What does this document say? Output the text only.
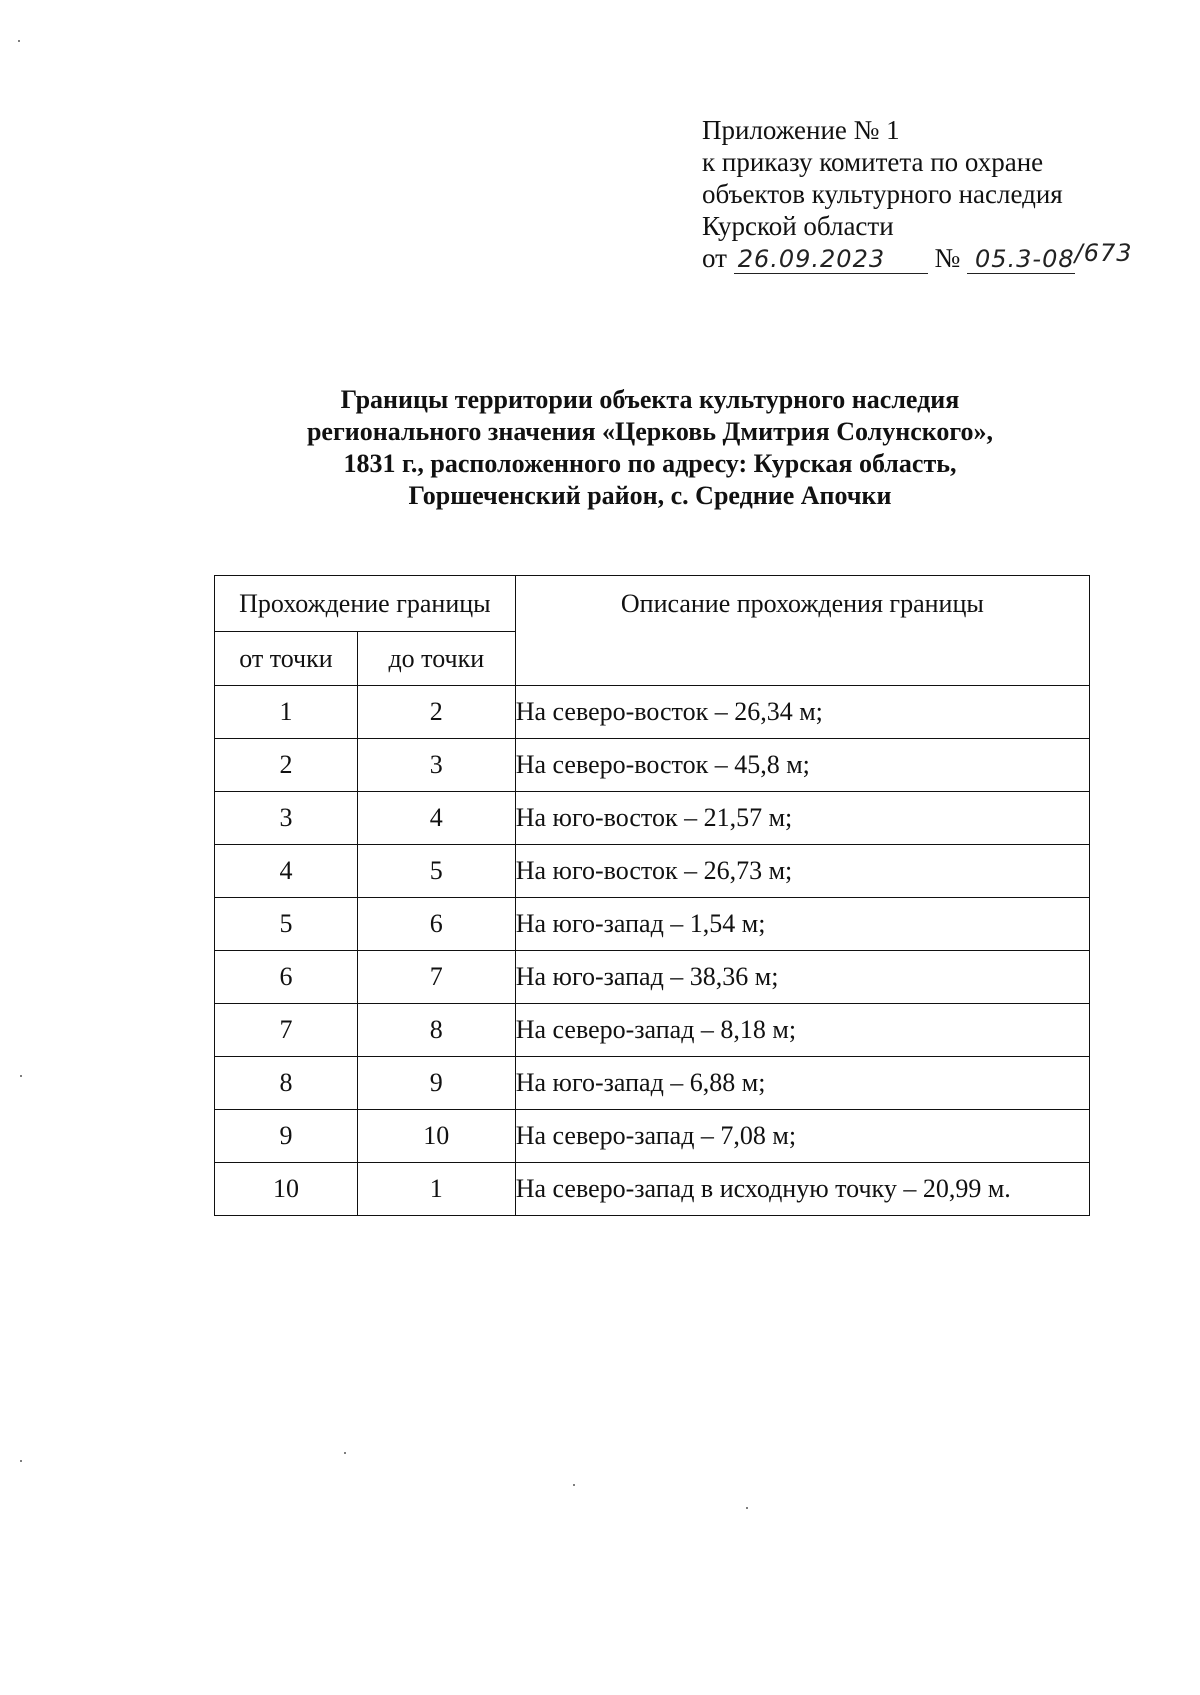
Приложение № 1
к приказу комитета по охране
объектов культурного наследия
Курской области
от 26.09.2023 № 05.3-08/673
Границы территории объекта культурного наследия
регионального значения «Церковь Дмитрия Солунского»,
1831 г., расположенного по адресу: Курская область,
Горшеченский район, с. Средние Апочки
Прохождение границы		Описание прохождения границы
от точки	до точки	
1	2	На северо-восток – 26,34 м;
2	3	На северо-восток – 45,8 м;
3	4	На юго-восток – 21,57 м;
4	5	На юго-восток – 26,73 м;
5	6	На юго-запад – 1,54 м;
6	7	На юго-запад – 38,36 м;
7	8	На северо-запад – 8,18 м;
8	9	На юго-запад – 6,88 м;
9	10	На северо-запад – 7,08 м;
10	1	На северо-запад в исходную точку – 20,99 м.
